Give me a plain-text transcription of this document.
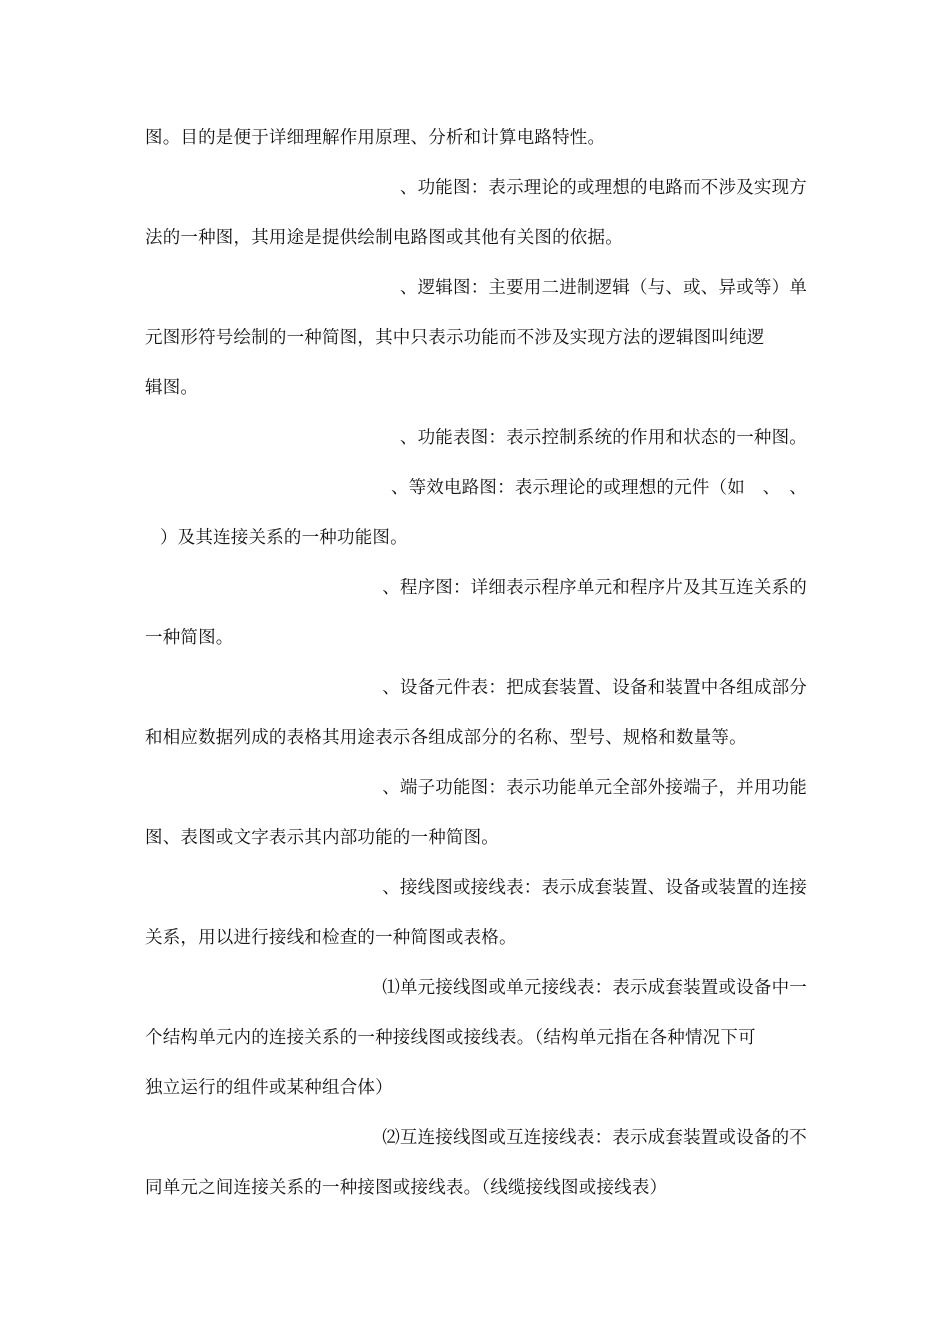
图。目的是便于详细理解作用原理、分析和计算电路特性。
、功能图：表示理论的或理想的电路而不涉及实现方
法的一种图，其用途是提供绘制电路图或其他有关图的依据。
、逻辑图：主要用二进制逻辑（与、或、异或等）单
元图形符号绘制的一种简图，其中只表示功能而不涉及实现方法的逻辑图叫纯逻
辑图。
、功能表图：表示控制系统的作用和状态的一种图。
、等效电路图：表示理论的或理想的元件（如　、　、
）及其连接关系的一种功能图。
、程序图：详细表示程序单元和程序片及其互连关系的
一种简图。
、设备元件表：把成套装置、设备和装置中各组成部分
和相应数据列成的表格其用途表示各组成部分的名称、型号、规格和数量等。
、端子功能图：表示功能单元全部外接端子，并用功能
图、表图或文字表示其内部功能的一种简图。
、接线图或接线表：表示成套装置、设备或装置的连接
关系，用以进行接线和检查的一种简图或表格。
⑴单元接线图或单元接线表：表示成套装置或设备中一
个结构单元内的连接关系的一种接线图或接线表。（结构单元指在各种情况下可
独立运行的组件或某种组合体）
⑵互连接线图或互连接线表：表示成套装置或设备的不
同单元之间连接关系的一种接图或接线表。（线缆接线图或接线表）
